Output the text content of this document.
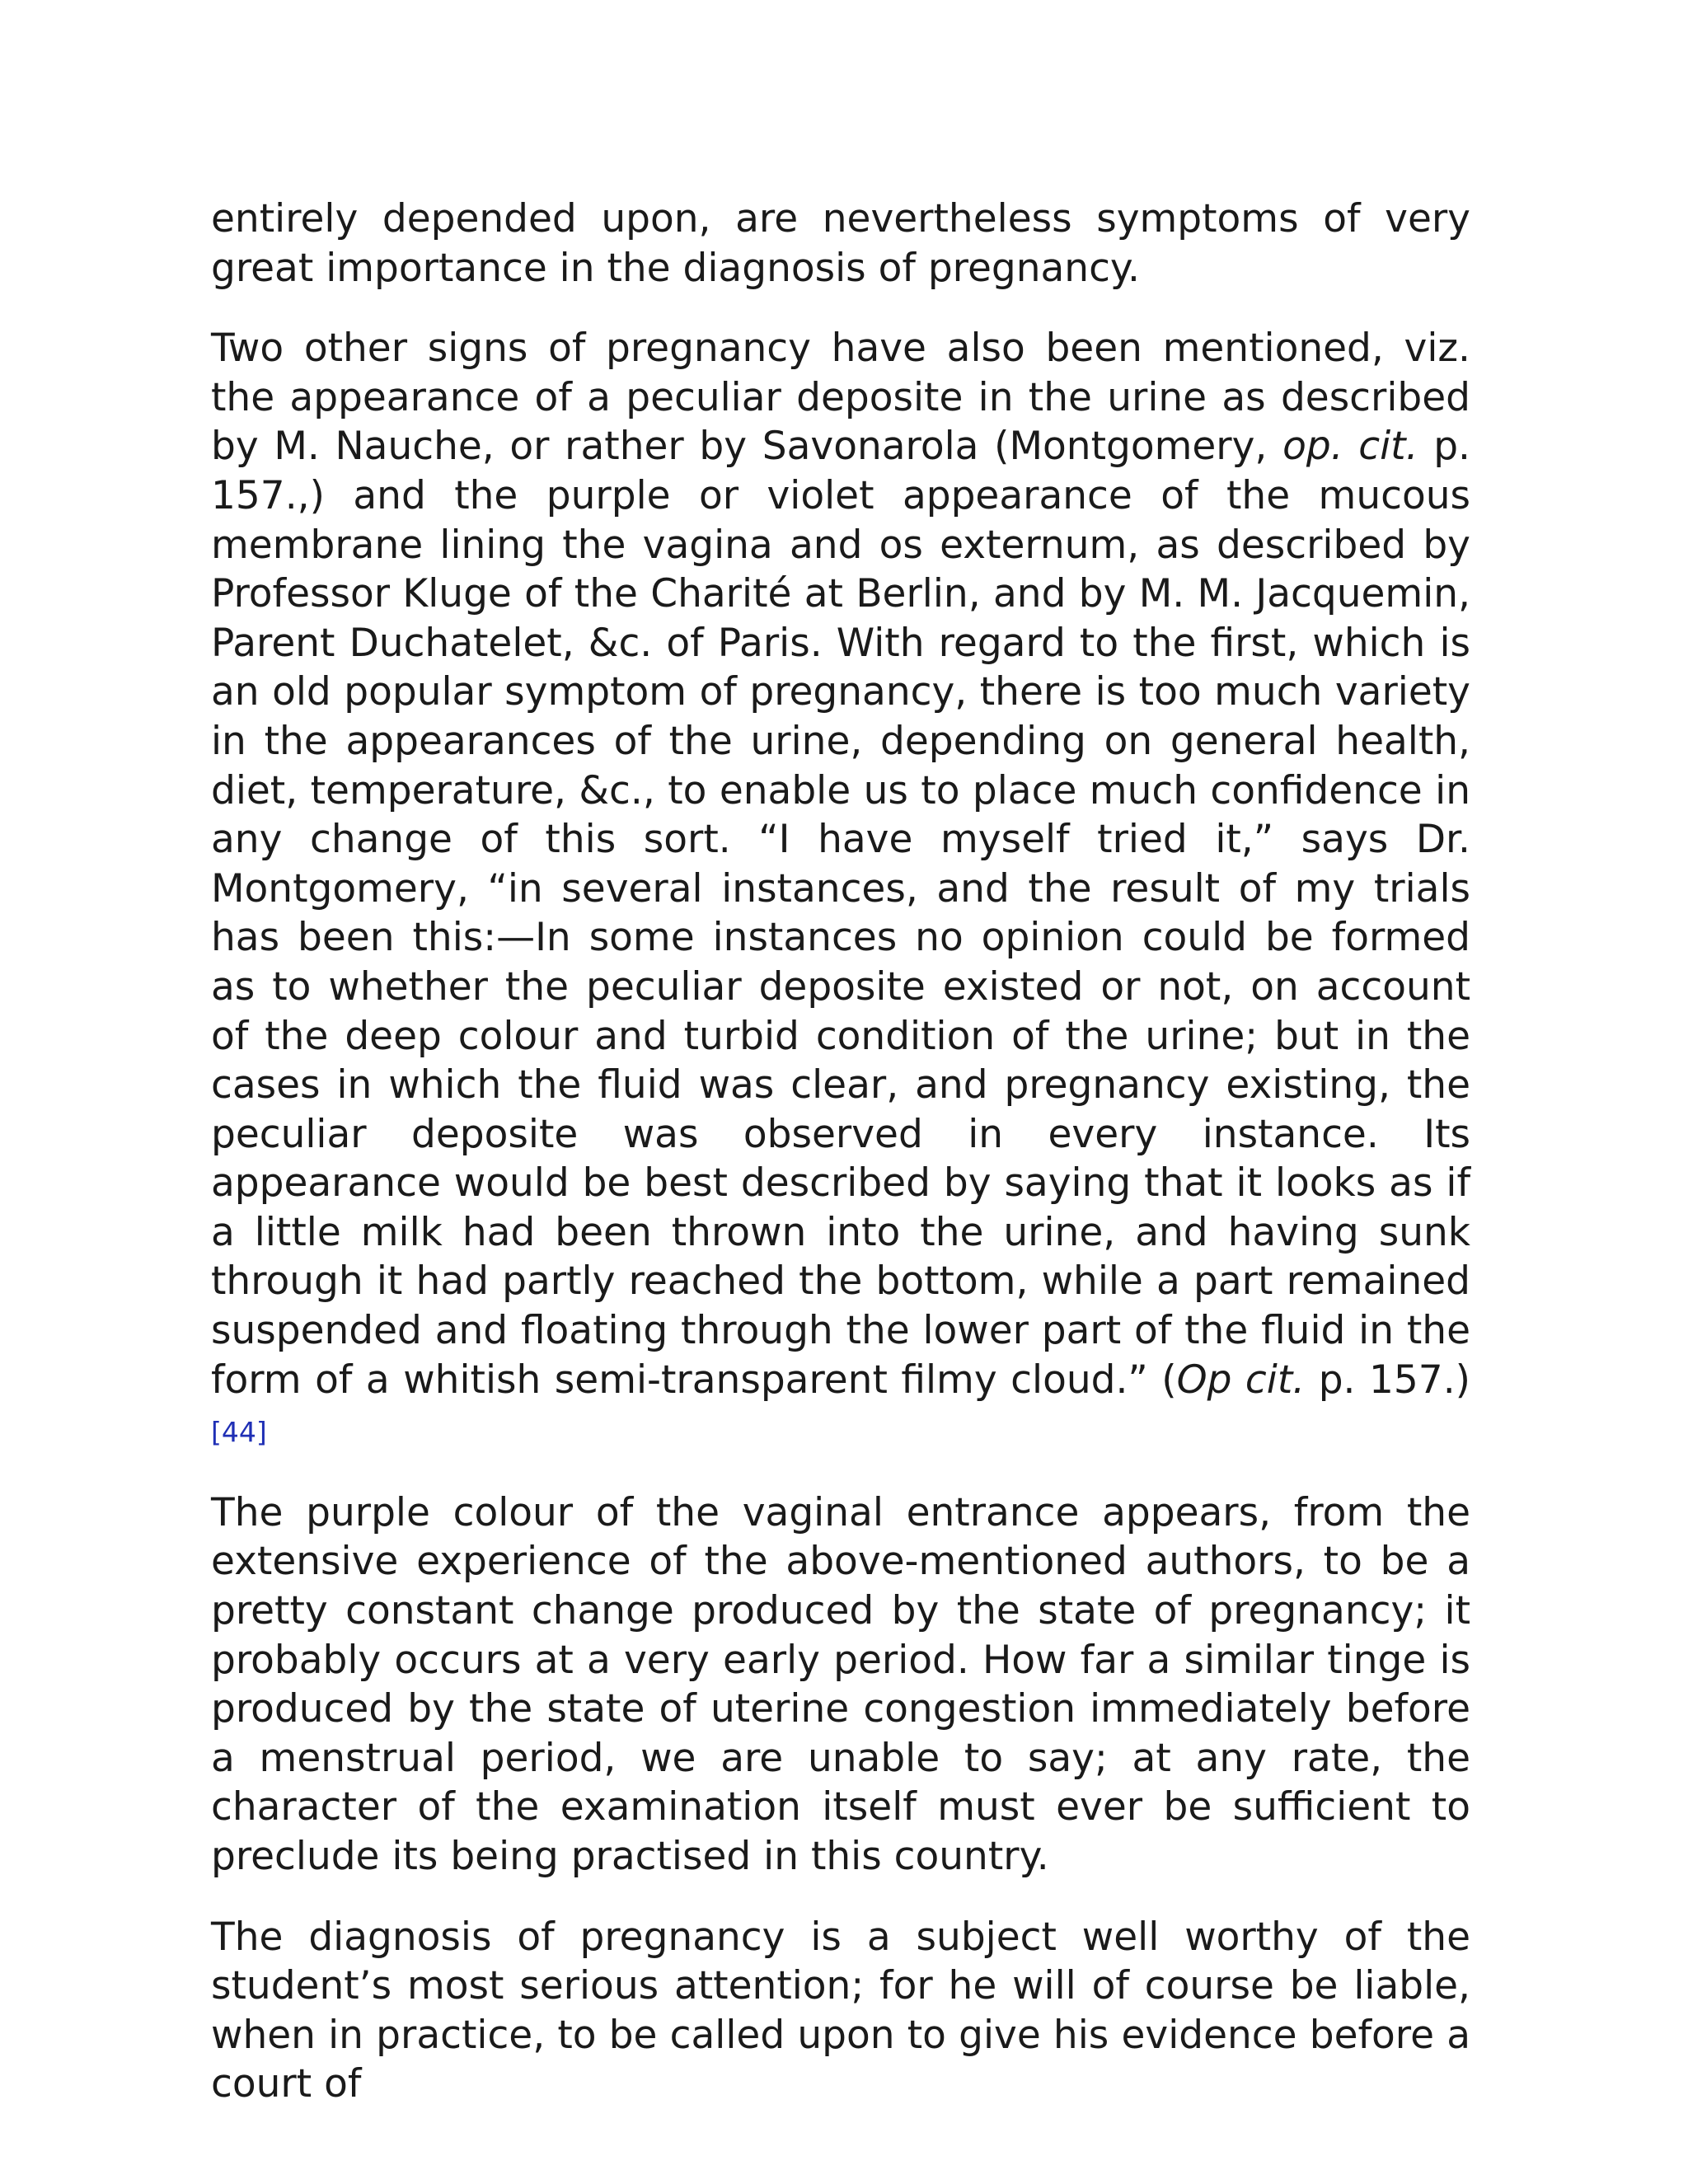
entirely depended upon, are nevertheless symptoms of very great importance in the diagnosis of pregnancy.

Two other signs of pregnancy have also been mentioned, viz. the appearance of a peculiar deposite in the urine as described by M. Nauche, or rather by Savonarola (Montgomery, op. cit. p. 157.,) and the purple or violet appearance of the mucous membrane lining the vagina and os externum, as described by Professor Kluge of the Charité at Berlin, and by M. M. Jacquemin, Parent Duchatelet, &c. of Paris. With regard to the first, which is an old popular symptom of pregnancy, there is too much variety in the appearances of the urine, depending on general health, diet, temperature, &c., to enable us to place much confidence in any change of this sort. “I have myself tried it,” says Dr. Montgomery, “in several instances, and the result of my trials has been this:—In some instances no opinion could be formed as to whether the peculiar deposite existed or not, on account of the deep colour and turbid condition of the urine; but in the cases in which the fluid was clear, and pregnancy existing, the peculiar deposite was observed in every instance. Its appearance would be best described by saying that it looks as if a little milk had been thrown into the urine, and having sunk through it had partly reached the bottom, while a part remained suspended and floating through the lower part of the fluid in the form of a whitish semi-transparent filmy cloud.” (Op cit. p. 157.)[44]

The purple colour of the vaginal entrance appears, from the extensive experience of the above-mentioned authors, to be a pretty constant change produced by the state of pregnancy; it probably occurs at a very early period. How far a similar tinge is produced by the state of uterine congestion immediately before a menstrual period, we are unable to say; at any rate, the character of the examination itself must ever be sufficient to preclude its being practised in this country.

The diagnosis of pregnancy is a subject well worthy of the student’s most serious attention; for he will of course be liable, when in practice, to be called upon to give his evidence before a court of
